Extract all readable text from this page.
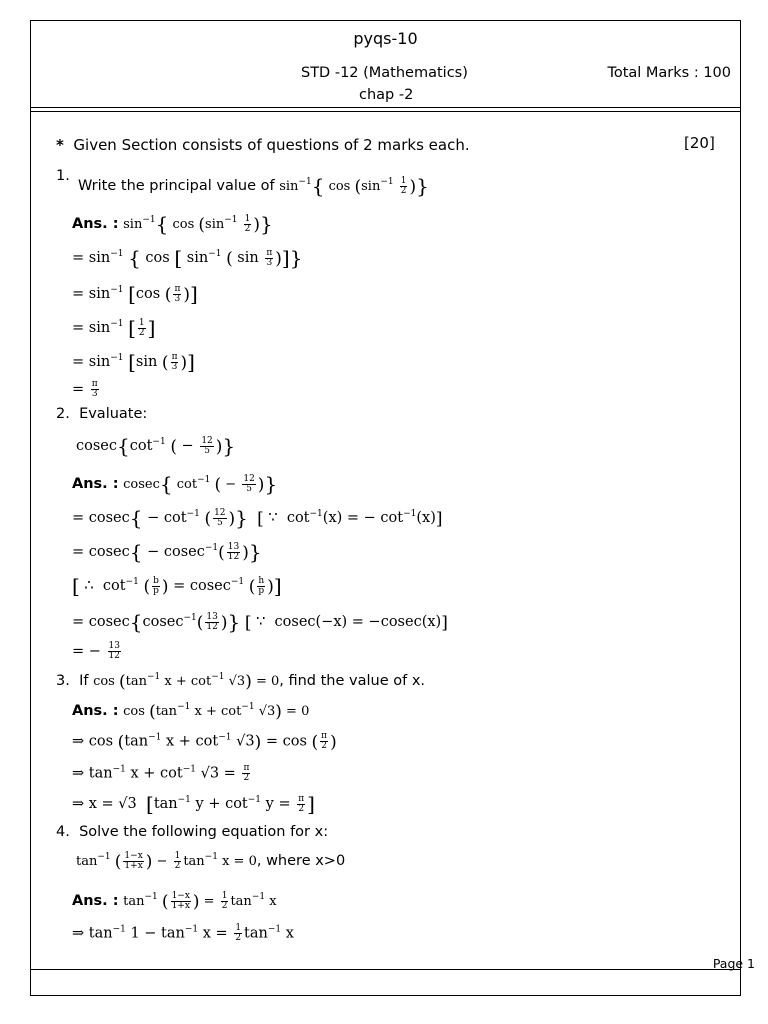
pyqs-10
STD -12 (Mathematics)	Total Marks : 100
chap -2
* Given Section consists of questions of 2 marks each.	[20]
1.
Write the principal value of $\sin^{-1}${ $\cos (\sin^{-1} \frac{1}{2}$ )}
Ans. : $\sin^{-1}${ $\cos (\sin^{-1} \frac{1}{2}$ )}
= $\sin^{-1}$ { cos [ $\sin^{-1}$ ( $\sin \frac{\pi}{3}$ )]}
= $\sin^{-1} [\cos$ ( $\frac{\pi}{3}$ )]
= $\sin^{-1}$ [ $\frac{1}{2}$ ]
= $\sin^{-1} [\sin$ ( $\frac{\pi}{3}$ )]
= $\frac{\pi}{3}$
2. Evaluate:
$cosec\{\cot^{-1}$ ( − $\frac{12}{5}$ )}
Ans. : cosec{ $\cot^{-1}$ ( − $\frac{12}{5}$ )}
= $cosec\{ - \cot^{-1}$ ( $\frac{12}{5}$ )} [ ∵  $\cot^{-1}(x)$ = − $\cot^{-1}(x)$]
= $cosec\{ - cosec^{-1}( \frac{13}{12}$ )}
[ ∴  $\cot^{-1}$ ( $\frac{b}{p}$ ) = cosec$^{-1}$ ( $\frac{h}{p}$ )]
= $cosec\{cosec^{-1}( \frac{13}{12}$ )} [ ∵  cosec(−x) = −cosec(x)]
= − $\frac{13}{12}$
3. If $\cos (\tan^{-1}$ $x + \cot^{-1} √3) = 0$, find the value of x.
Ans. : $\cos (\tan^{-1}$ $x + \cot^{-1} √3) = 0$
⇒ $\cos (\tan^{-1}$ $x + \cot^{-1} √3) = \cos$ ( $\frac{\pi}{2}$ )
⇒ $\tan^{-1} x + \cot^{-1} √3 = \frac{\pi}{2}$
⇒ x = √3  [$\tan^{-1}$ $y + \cot^{-1} y = \frac{\pi}{2}$ ]
4. Solve the following equation for x:
$\tan^{-1}$ ( $\frac{1-x}{1+x}$ ) − $\frac{1}{2} \tan^{-1} x = 0$, where x>0
Ans. : $\tan^{-1}$ ( $\frac{1-x}{1+x}$ ) = $\frac{1}{2} \tan^{-1} x$
⇒ $\tan^{-1} 1 - \tan^{-1} x = \frac{1}{2} \tan^{-1} x$
Page 1
